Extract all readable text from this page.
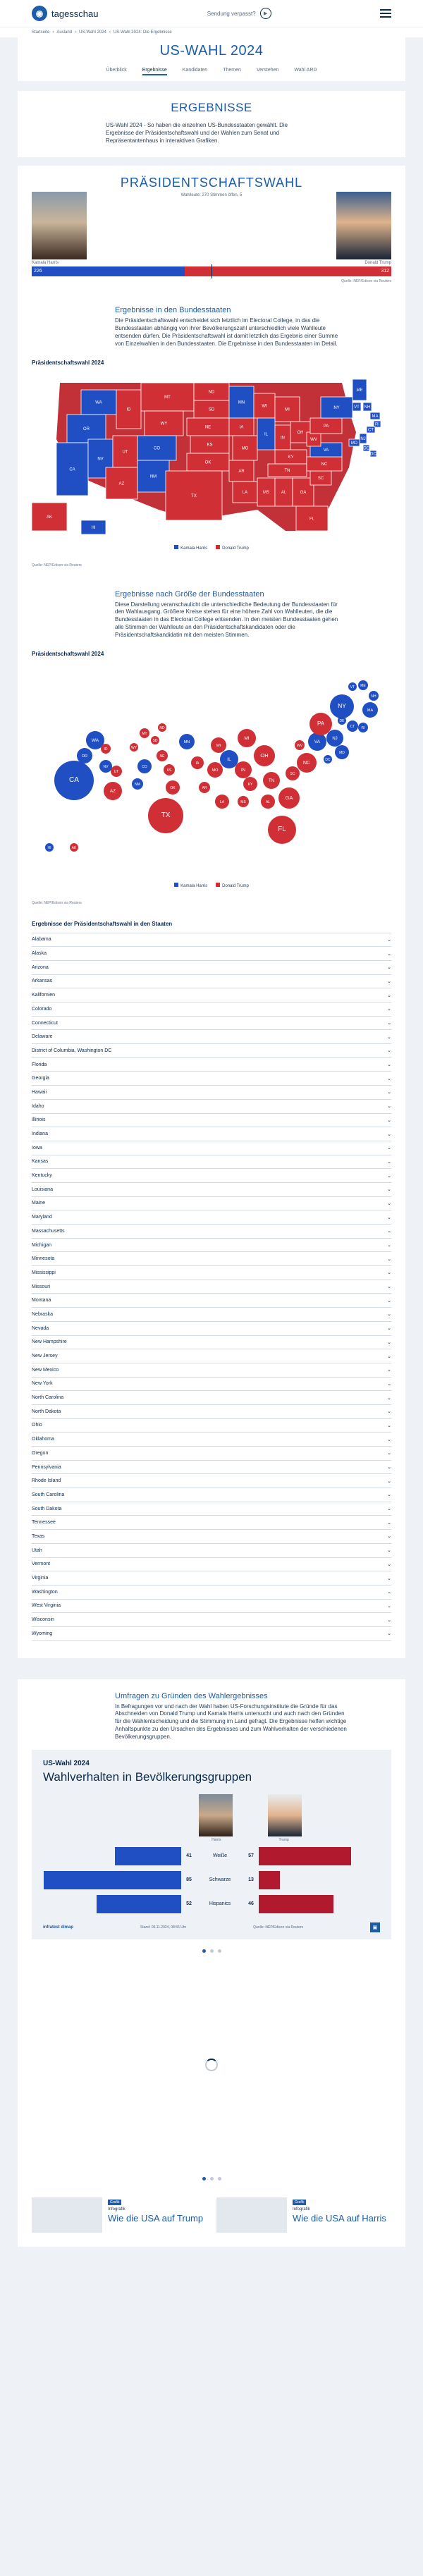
◉ tagesschau	Sendung verpasst?	▶
Startseite › Ausland › US-Wahl 2024 › US-Wahl 2024: Die Ergebnisse
US-WAHL 2024
Überblick	Ergebnisse	Kandidaten	Themen	Verstehen	Wahl ARD
ERGEBNISSE
US-Wahl 2024 - So haben die einzelnen US-Bundesstaaten gewählt. Die Ergebnisse der Präsidentschaftswahl und der Wahlen zum Senat und Repräsentantenhaus in interaktiven Grafiken.
PRÄSIDENTSCHAFTSWAHL
Wahlleute: 270 Stimmen öffen, 5
Kamala Harris	Donald Trump
226	312
Quelle: NEP/Edison via Reuters
Ergebnisse in den Bundesstaaten
Die Präsidentschaftswahl entscheidet sich letztlich im Electoral College, in das die Bundesstaaten abhängig von ihrer Bevölkerungszahl unterschiedlich viele Wahlleute entsenden dürfen. Die Präsidentschaftswahl ist damit letztlich das Ergebnis einer Summe von Einzelwahlen in den Bundesstaaten. Die Ergebnisse in den Bundesstaaten im Detail.
Präsidentschaftswahl 2024
WA
OR
CA
NV
ID
MT
WY
UT
AZ
CO
NM
ND
SD
NE
KS
OK
TX
MN
IA
MO
AR
LA
WI
IL
MI
IN
OH
KY
TN
MS	AL	GA
FL
SC
NC
VA
WV
PA
NY
ME
AK
HI
VT NH
MA
RI
CT
NJ
DE
MD
DC
Kamala Harris	Donald Trump
Quelle: NEP/Edison via Reuters
Ergebnisse nach Größe der Bundesstaaten
Diese Darstellung veranschaulicht die unterschiedliche Bedeutung der Bundesstaaten für den Wahlausgang. Größere Kreise stehen für eine höhere Zahl von Wahlleuten, die die Bundesstaaten in das Electoral College entsenden. In den meisten Bundesstaaten gehen alle Stimmen der Wahlleute an den Präsidentschaftskandidaten oder die Präsidentschaftskandidatin mit den meisten Stimmen.
Präsidentschaftswahl 2024
CA
WA
OR
NV
AZ
UT
ID
MT
WY
CO
NM
TX
OK
KS
NE
SD
ND
MN
IA
MO
AR
LA
WI
IL
MI
IN
OH
KY
TN
MS	AL
GA
FL
SC
NC
VA
WV
PA
NY
ME
VT
NH
MA
RI
CT
NJ
DE
MD
DC
HI	AK
Kamala Harris	Donald Trump
Quelle: NEP/Edison via Reuters
Ergebnisse der Präsidentschaftswahl in den Staaten
Alabama	⌄
Alaska	⌄
Arizona	⌄
Arkansas	⌄
Kalifornien	⌄
Colorado	⌄
Connecticut	⌄
Delaware	⌄
District of Columbia, Washington DC	⌄
Florida	⌄
Georgia	⌄
Hawaii	⌄
Idaho	⌄
Illinois	⌄
Indiana	⌄
Iowa	⌄
Kansas	⌄
Kentucky	⌄
Louisiana	⌄
Maine	⌄
Maryland	⌄
Massachusetts	⌄
Michigan	⌄
Minnesota	⌄
Mississippi	⌄
Missouri	⌄
Montana	⌄
Nebraska	⌄
Nevada	⌄
New Hampshire	⌄
New Jersey	⌄
New Mexico	⌄
New York	⌄
North Carolina	⌄
North Dakota	⌄
Ohio	⌄
Oklahoma	⌄
Oregon	⌄
Pennsylvania	⌄
Rhode Island	⌄
South Carolina	⌄
South Dakota	⌄
Tennessee	⌄
Texas	⌄
Utah	⌄
Vermont	⌄
Virginia	⌄
Washington	⌄
West Virginia	⌄
Wisconsin	⌄
Wyoming	⌄
Umfragen zu Gründen des Wahlergebnisses
In Befragungen vor und nach der Wahl haben US-Forschungsinstitute die Gründe für das Abschneiden von Donald Trump und Kamala Harris untersucht und auch nach den Gründen für die Wahlentscheidung und die Stimmung im Land gefragt. Die Ergebnisse helfen wichtige Anhaltspunkte zu den Ursachen des Ergebnisses und zum Wahlverhalten der verschiedenen Bevölkerungsgruppen.
US-Wahl 2024
Wahlverhalten in Bevölkerungsgruppen
Harris	Trump
41	Weiße	57
85	Schwarze	13
52	Hispanics	46
infratest dimap	Stand: 06.11.2024, 08:55 Uhr	Quelle: NEP/Edison via Reuters	▣
Grafik
Infografik
Wie die USA auf Trump
Grafik
Infografik
Wie die USA auf Harris
